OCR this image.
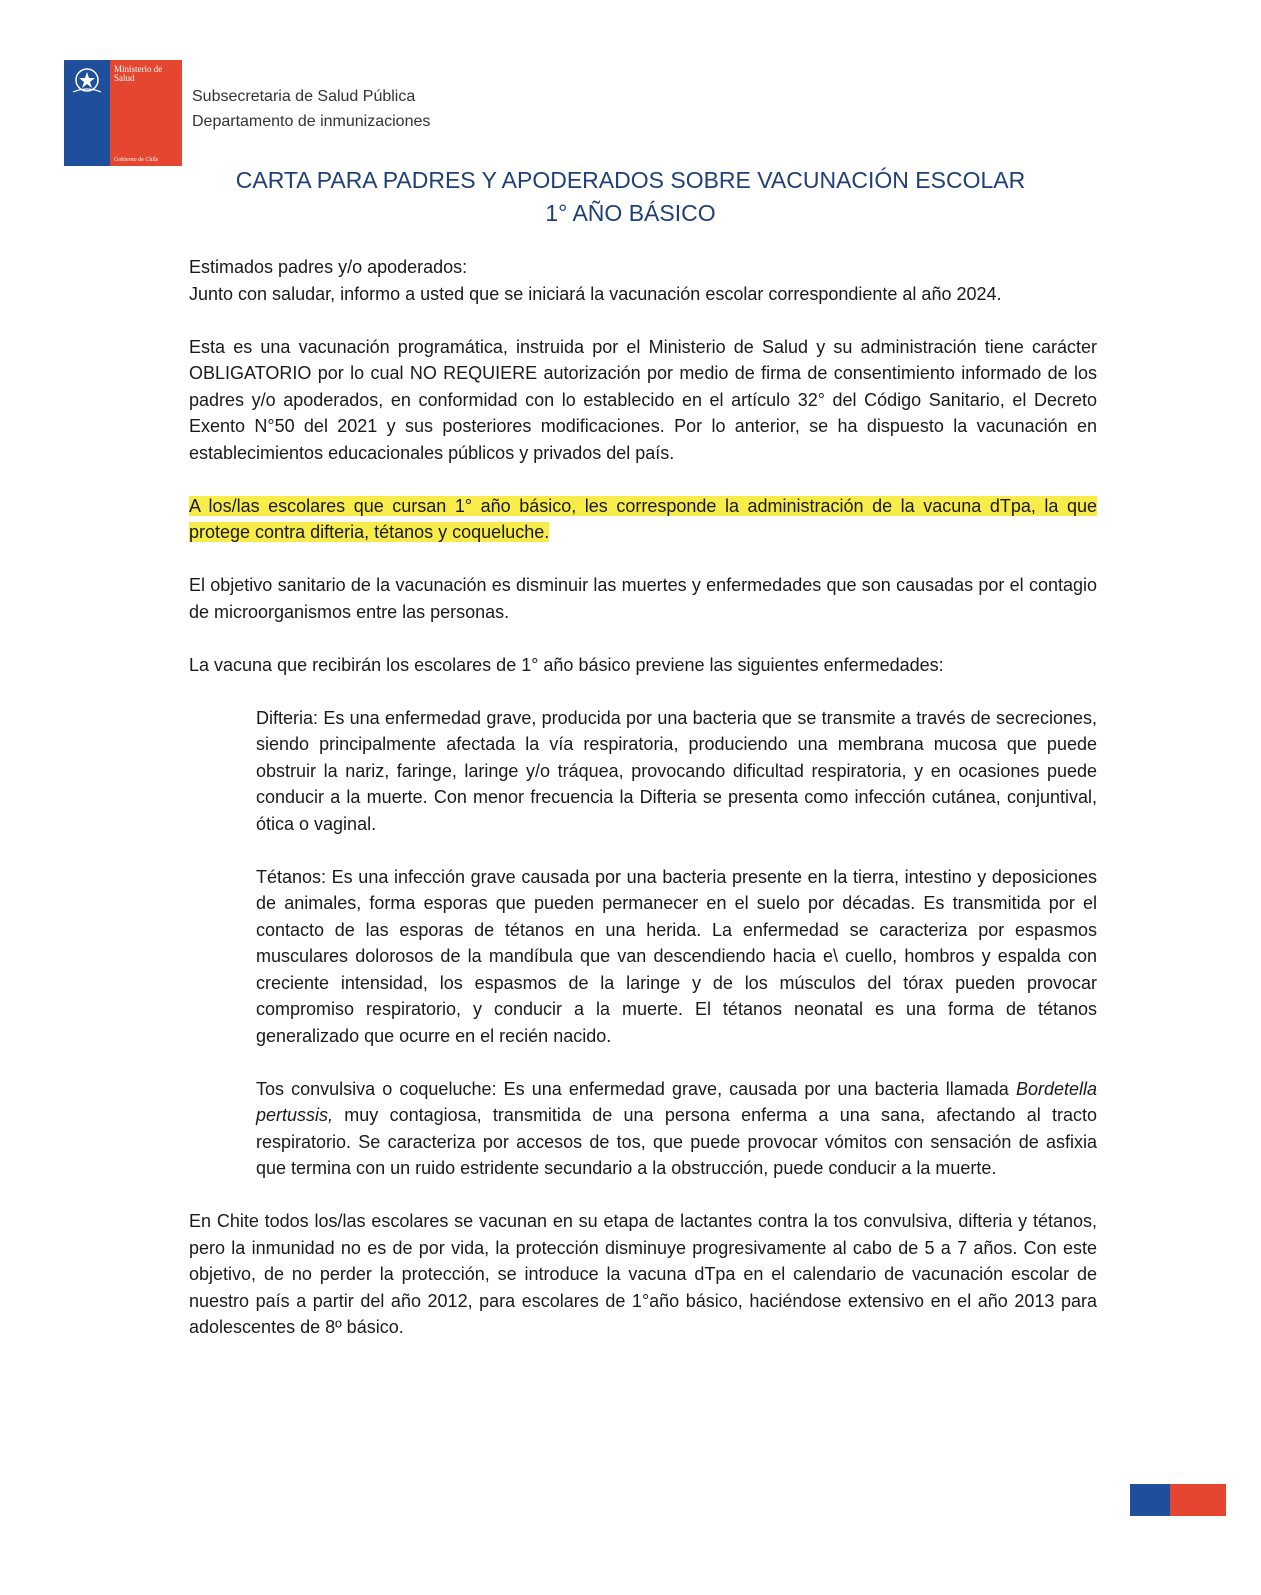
Ministerio de Salud
Gobierno de Chile
Subsecretaria de Salud Pública
Departamento de inmunizaciones
CARTA PARA PADRES Y APODERADOS SOBRE VACUNACIÓN ESCOLAR
1° AÑO BÁSICO

Estimados padres y/o apoderados:

Junto con saludar, informo a usted que se iniciará la vacunación escolar correspondiente al año 2024.

Esta es una vacunación programática, instruida por el Ministerio de Salud y su administración tiene carácter OBLIGATORIO por lo cual NO REQUIERE autorización por medio de firma de consentimiento informado de los padres y/o apoderados, en conformidad con lo establecido en el artículo 32° del Código Sanitario, el Decreto Exento N°50 del 2021 y sus posteriores modificaciones. Por lo anterior, se ha dispuesto la vacunación en establecimientos educacionales públicos y privados del país.

A los/las escolares que cursan 1° año básico, les corresponde la administración de la vacuna dTpa, la que protege contra difteria, tétanos y coqueluche.

El objetivo sanitario de la vacunación es disminuir las muertes y enfermedades que son causadas por el contagio de microorganismos entre las personas.

La vacuna que recibirán los escolares de 1° año básico previene las siguientes enfermedades:

Difteria: Es una enfermedad grave, producida por una bacteria que se transmite a través de secreciones, siendo principalmente afectada la vía respiratoria, produciendo una membrana mucosa que puede obstruir la nariz, faringe, laringe y/o tráquea, provocando dificultad respiratoria, y en ocasiones puede conducir a la muerte. Con menor frecuencia la Difteria se presenta como infección cutánea, conjuntival, ótica o vaginal.

Tétanos: Es una infección grave causada por una bacteria presente en la tierra, intestino y deposiciones de animales, forma esporas que pueden permanecer en el suelo por décadas. Es transmitida por el contacto de las esporas de tétanos en una herida. La enfermedad se caracteriza por espasmos musculares dolorosos de la mandíbula que van descendiendo hacia e\ cuello, hombros y espalda con creciente intensidad, los espasmos de la laringe y de los músculos del tórax pueden provocar compromiso respiratorio, y conducir a la muerte. El tétanos neonatal es una forma de tétanos generalizado que ocurre en el recién nacido.

Tos convulsiva o coqueluche: Es una enfermedad grave, causada por una bacteria llamada Bordetella pertussis, muy contagiosa, transmitida de una persona enferma a una sana, afectando al tracto respiratorio. Se caracteriza por accesos de tos, que puede provocar vómitos con sensación de asfixia que termina con un ruido estridente secundario a la obstrucción, puede conducir a la muerte.

En Chite todos los/las escolares se vacunan en su etapa de lactantes contra la tos convulsiva, difteria y tétanos, pero la inmunidad no es de por vida, la protección disminuye progresivamente al cabo de 5 a 7 años. Con este objetivo, de no perder la protección, se introduce la vacuna dTpa en el calendario de vacunación escolar de nuestro país a partir del año 2012, para escolares de 1°año básico, haciéndose extensivo en el año 2013 para adolescentes de 8º básico.
